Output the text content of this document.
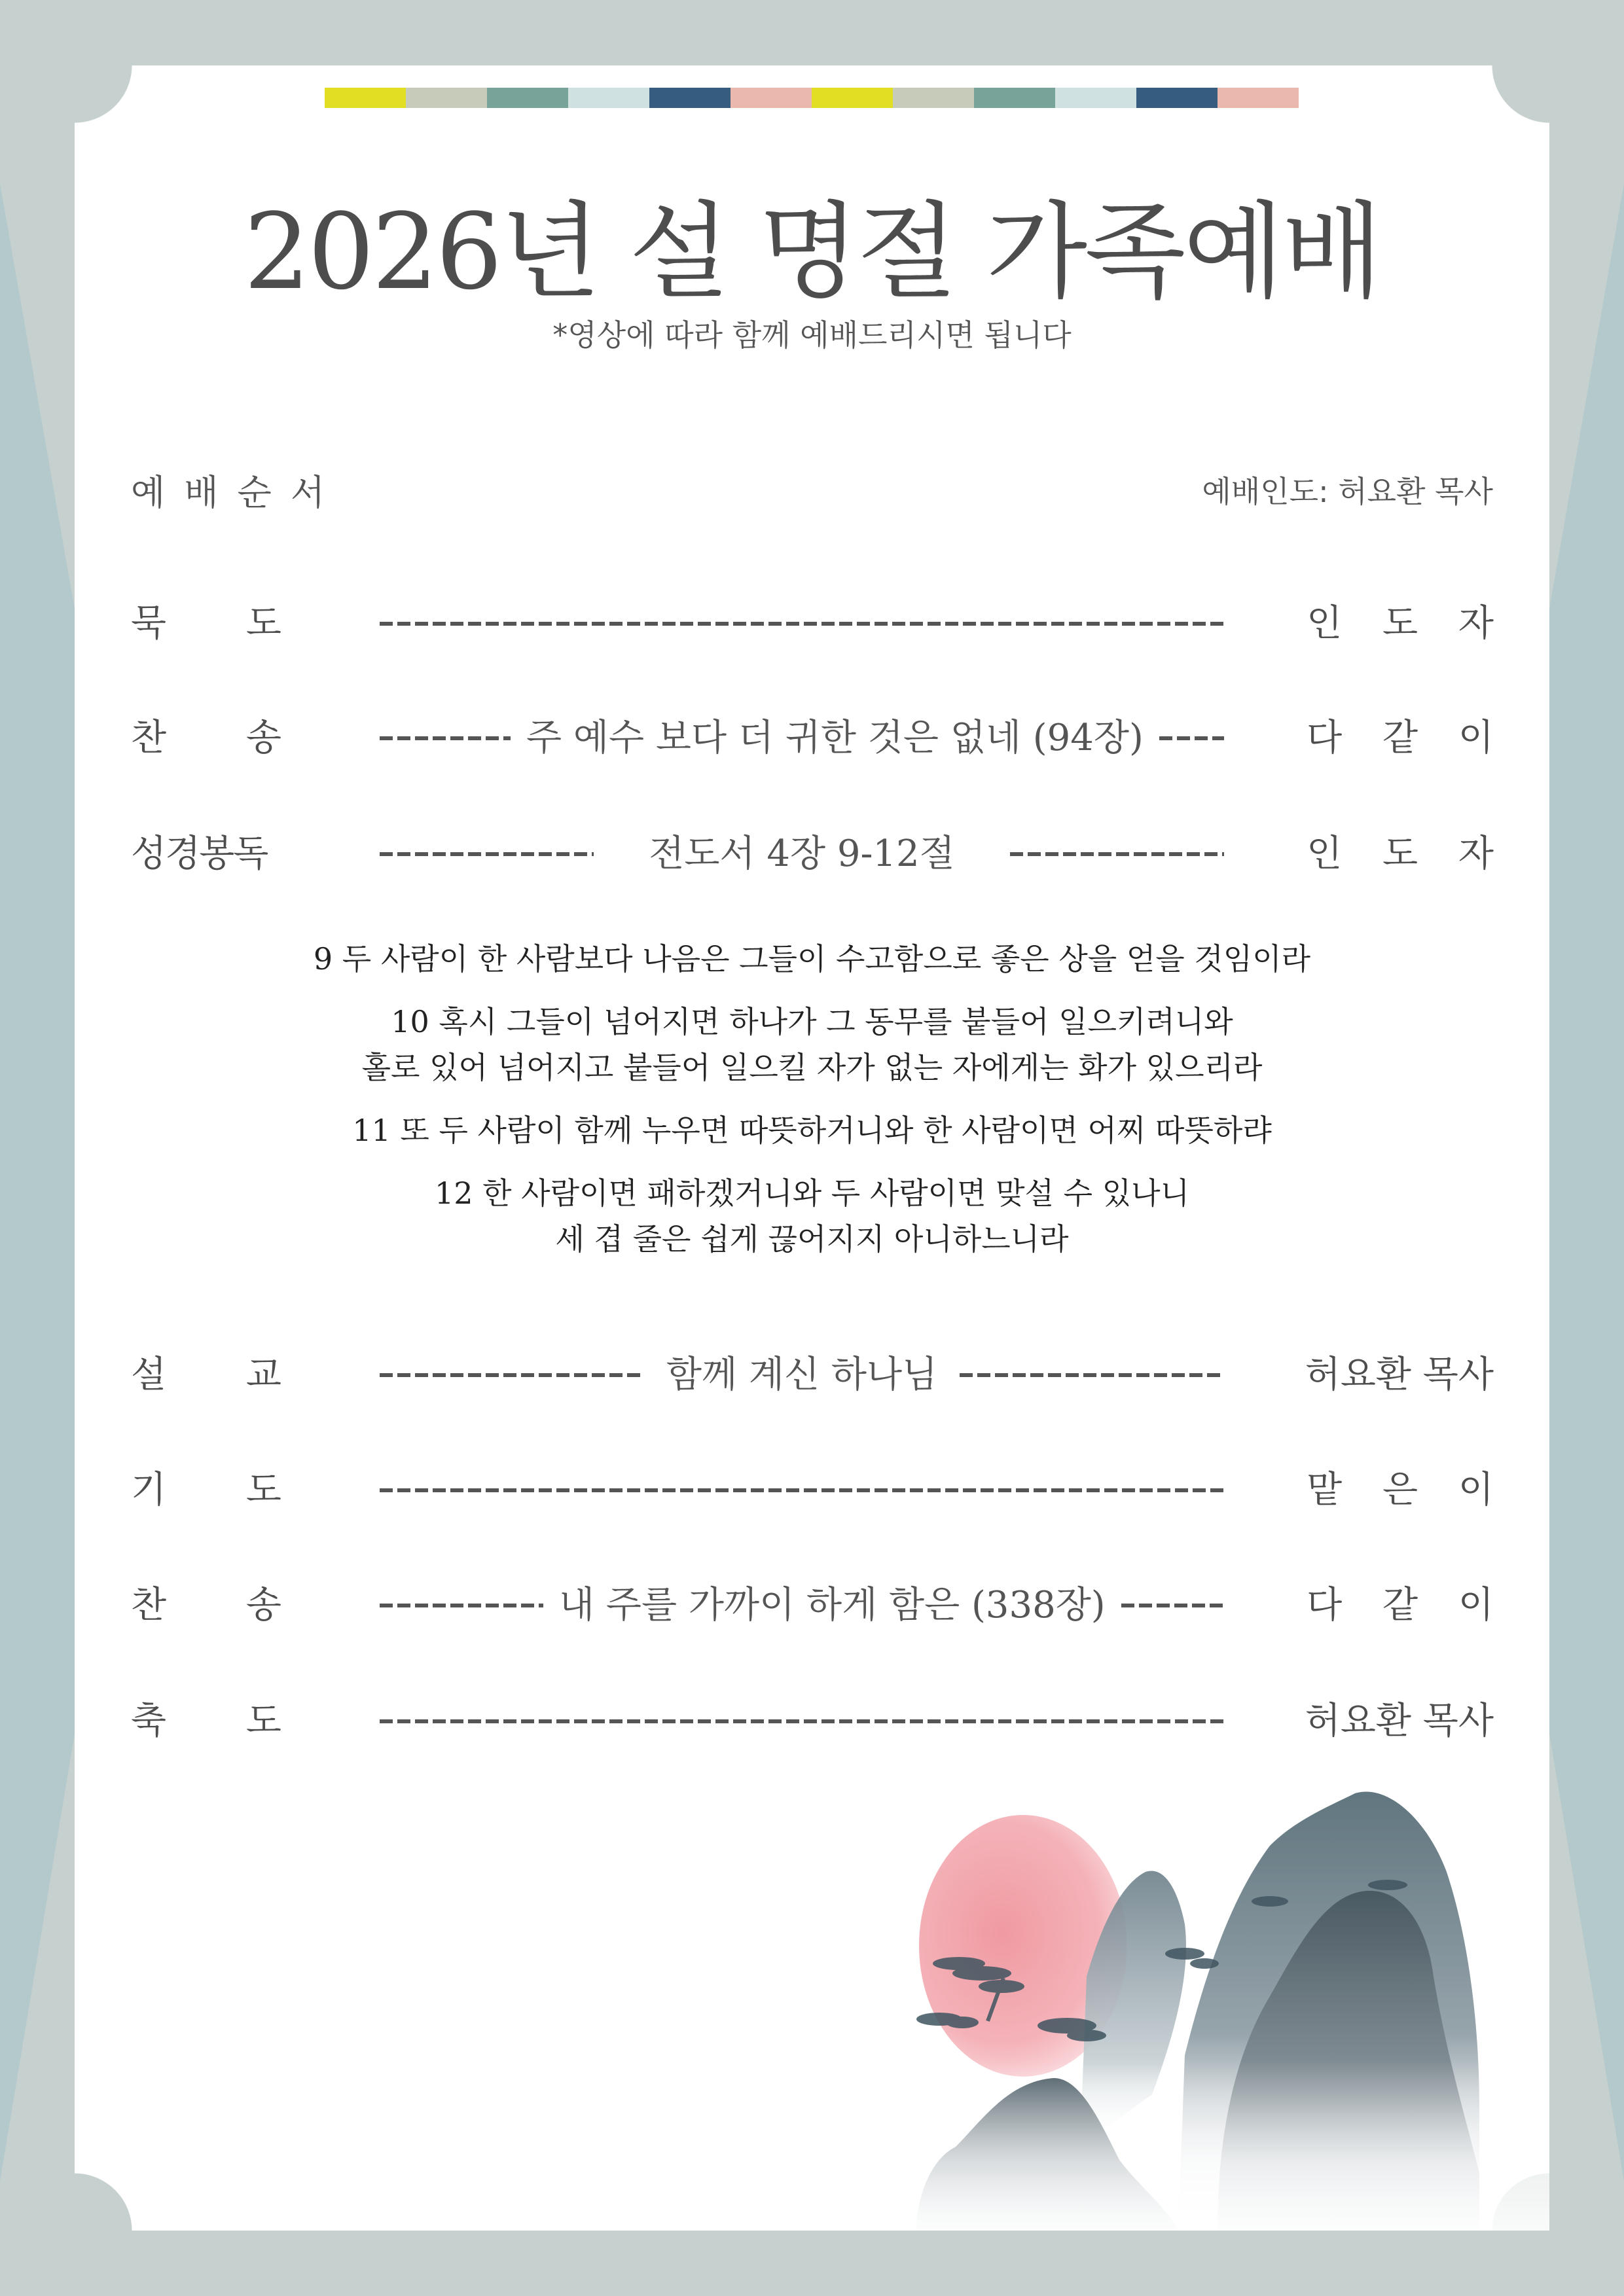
2026년 설 명절 가족예배
*영상에 따라 함께 예배드리시면 됩니다
예 배 순 서	예배인도: 허요환 목사
묵 도	인 도 자
찬 송	주 예수 보다 더 귀한 것은 없네 (94장)	다 같 이
성경봉독	전도서 4장 9-12절	인 도 자

9 두 사람이 한 사람보다 나음은 그들이 수고함으로 좋은 상을 얻을 것임이라

10 혹시 그들이 넘어지면 하나가 그 동무를 붙들어 일으키려니와

홀로 있어 넘어지고 붙들어 일으킬 자가 없는 자에게는 화가 있으리라

11 또 두 사람이 함께 누우면 따뜻하거니와 한 사람이면 어찌 따뜻하랴

12 한 사람이면 패하겠거니와 두 사람이면 맞설 수 있나니

세 겹 줄은 쉽게 끊어지지 아니하느니라

설 교	함께 계신 하나님	허요환 목사
기 도	맡 은 이
찬 송	내 주를 가까이 하게 함은 (338장)	다 같 이
축 도	허요환 목사
